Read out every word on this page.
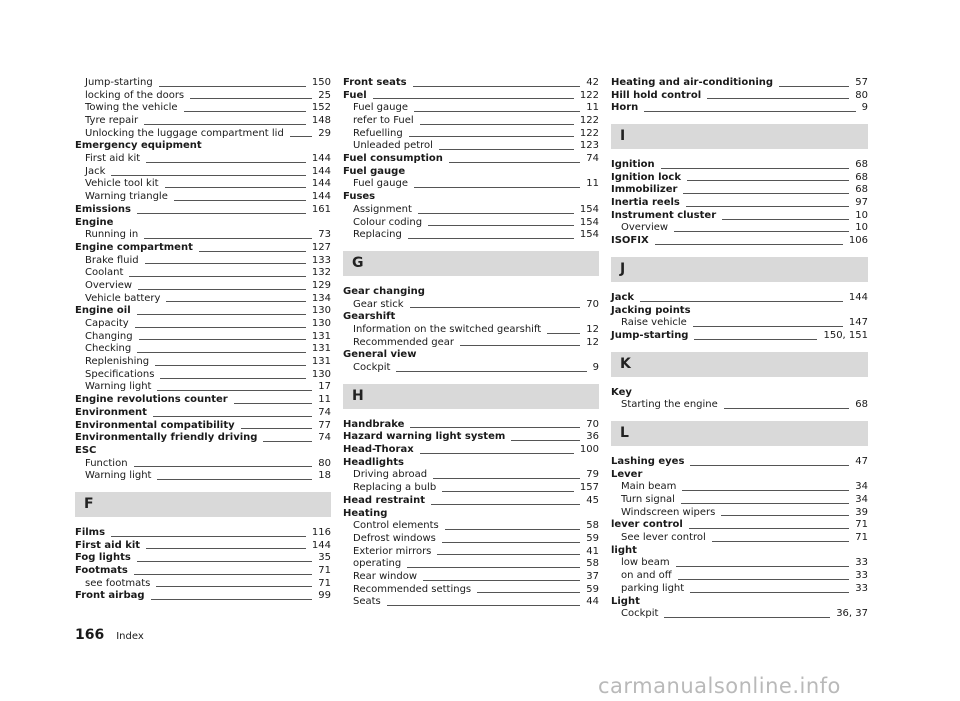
Jump-starting	150
locking of the doors	25
Towing the vehicle	152
Tyre repair	148
Unlocking the luggage compartment lid	29
Emergency equipment
First aid kit	144
Jack	144
Vehicle tool kit	144
Warning triangle	144
Emissions	161
Engine
Running in	73
Engine compartment	127
Brake fluid	133
Coolant	132
Overview	129
Vehicle battery	134
Engine oil	130
Capacity	130
Changing	131
Checking	131
Replenishing	131
Specifications	130
Warning light	17
Engine revolutions counter	11
Environment	74
Environmental compatibility	77
Environmentally friendly driving	74
ESC
Function	80
Warning light	18
F
Films	116
First aid kit	144
Fog lights	35
Footmats	71
see footmats	71
Front airbag	99
Front seats	42
Fuel	122
Fuel gauge	11
refer to Fuel	122
Refuelling	122
Unleaded petrol	123
Fuel consumption	74
Fuel gauge
Fuel gauge	11
Fuses
Assignment	154
Colour coding	154
Replacing	154
G
Gear changing
Gear stick	70
Gearshift
Information on the switched gearshift	12
Recommended gear	12
General view
Cockpit	9
H
Handbrake	70
Hazard warning light system	36
Head-Thorax	100
Headlights
Driving abroad	79
Replacing a bulb	157
Head restraint	45
Heating
Control elements	58
Defrost windows	59
Exterior mirrors	41
operating	58
Rear window	37
Recommended settings	59
Seats	44
Heating and air-conditioning	57
Hill hold control	80
Horn	9
I
Ignition	68
Ignition lock	68
Immobilizer	68
Inertia reels	97
Instrument cluster	10
Overview	10
ISOFIX	106
J
Jack	144
Jacking points
Raise vehicle	147
Jump-starting	150, 151
K
Key
Starting the engine	68
L
Lashing eyes	47
Lever
Main beam	34
Turn signal	34
Windscreen wipers	39
lever control	71
See lever control	71
light
low beam	33
on and off	33
parking light	33
Light
Cockpit	36, 37
166 Index
carmanualsonline.info
